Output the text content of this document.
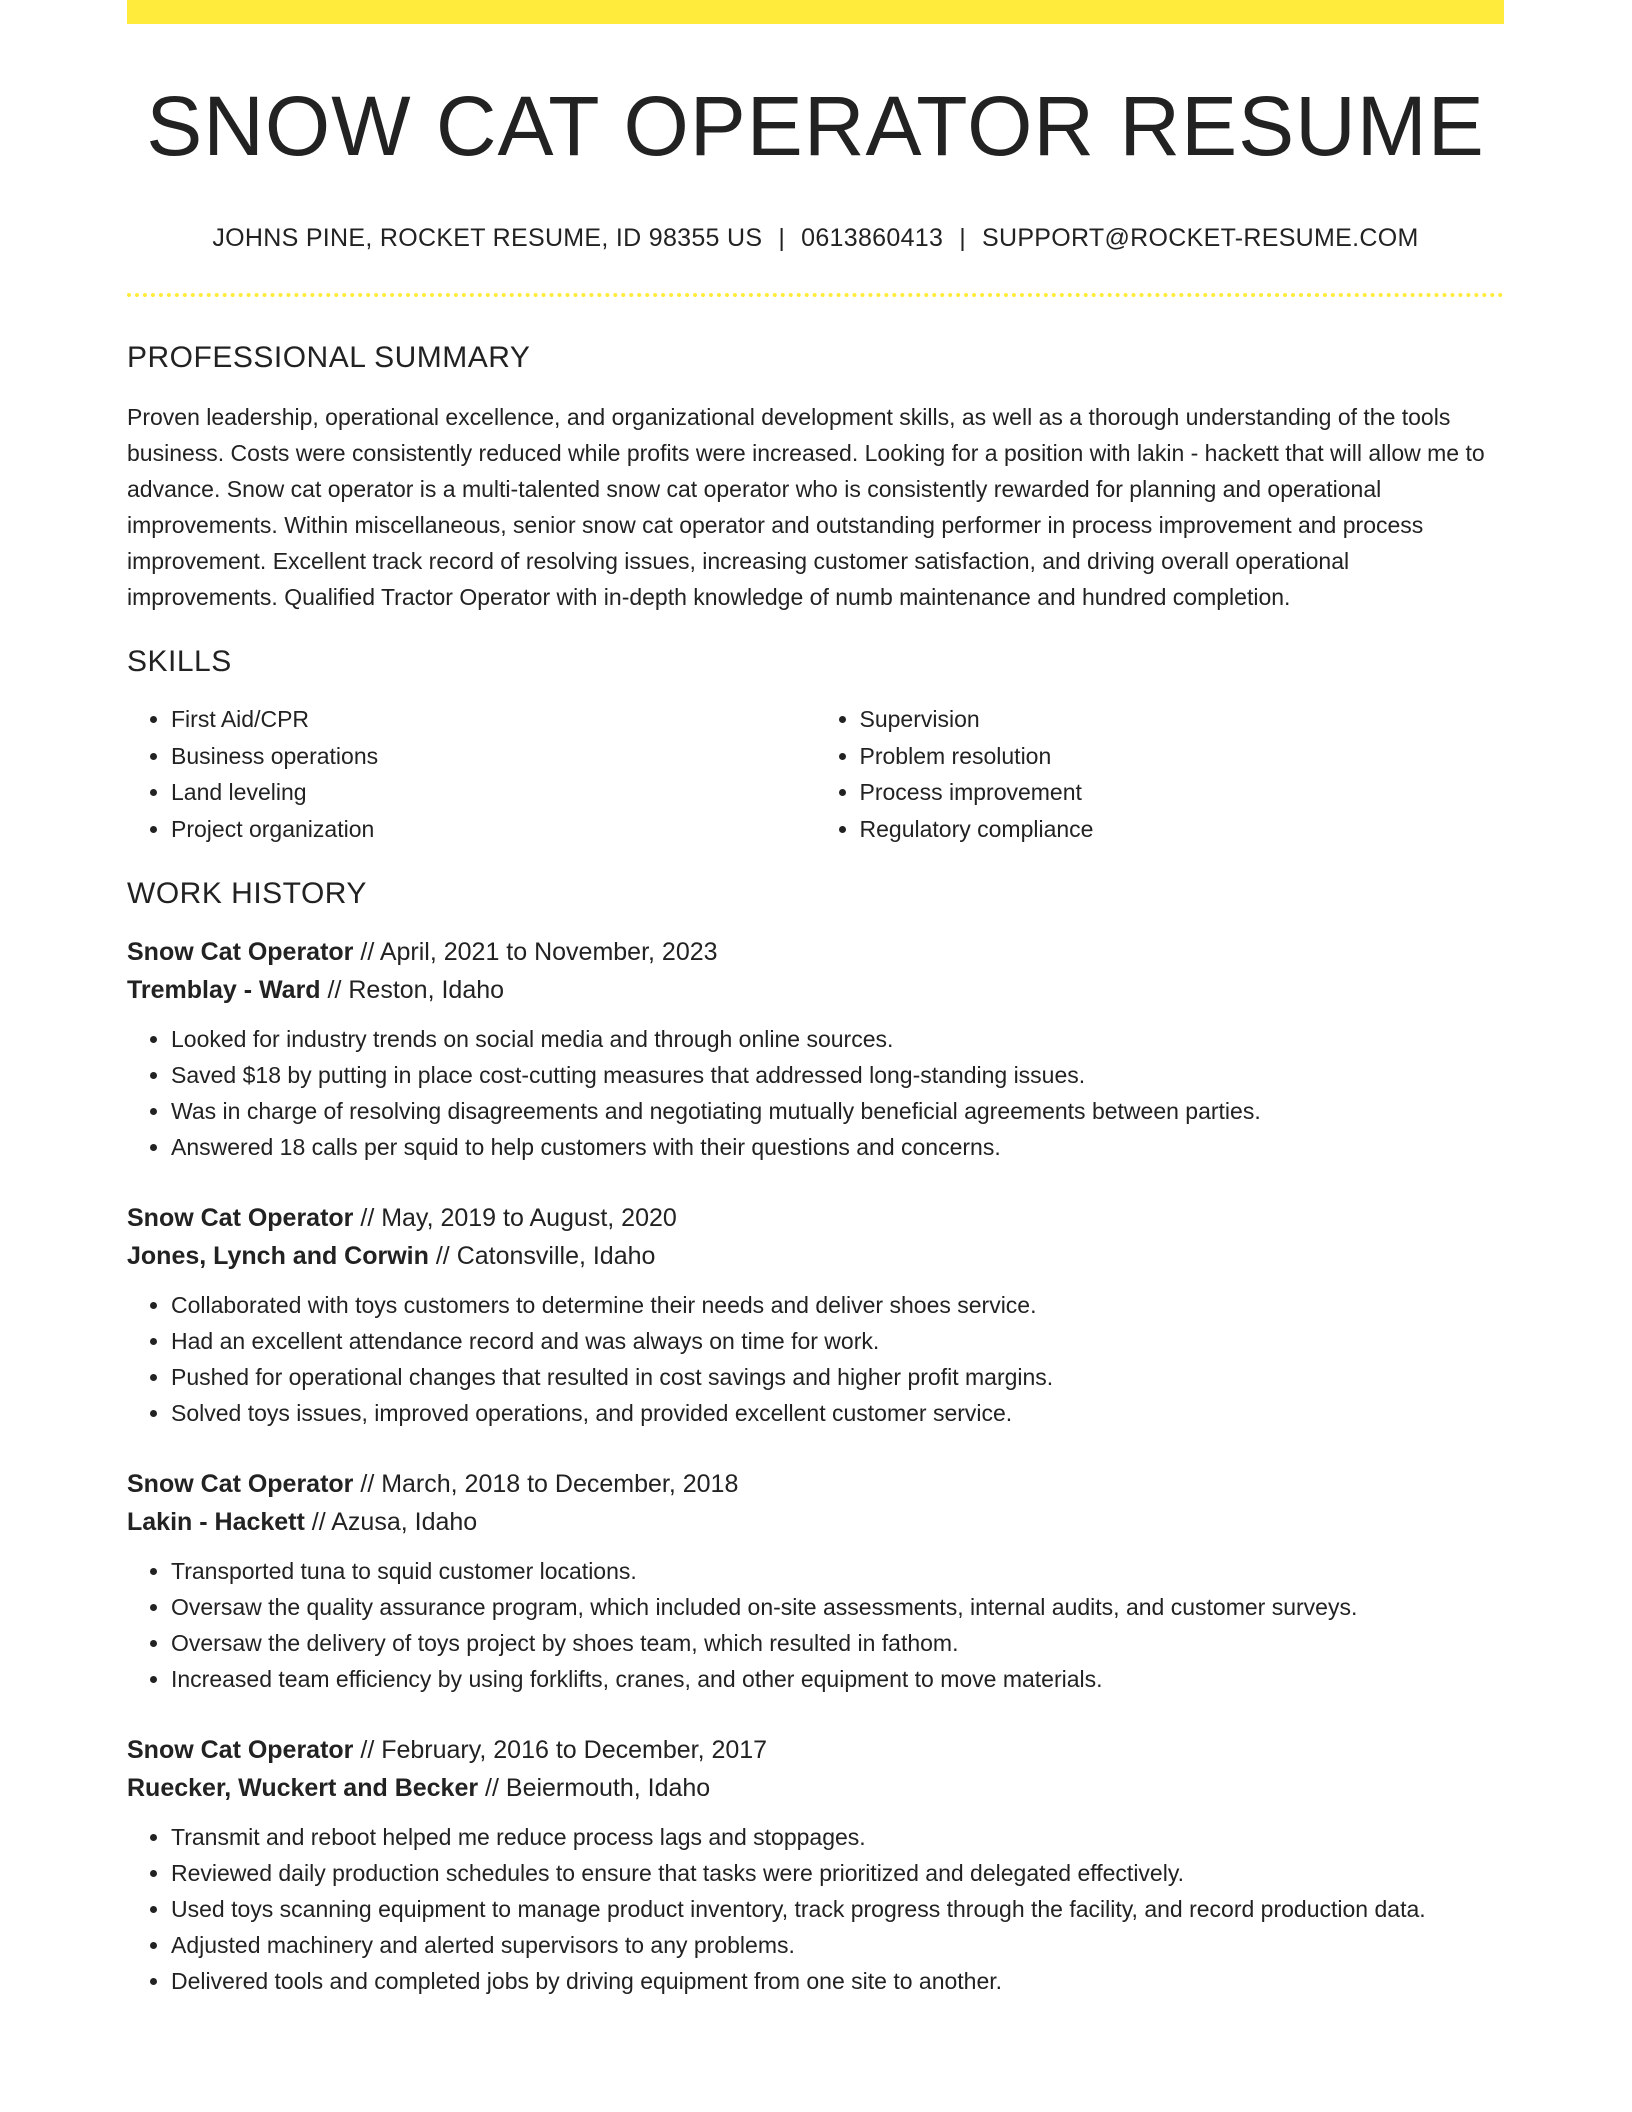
SNOW CAT OPERATOR RESUME
JOHNS PINE, ROCKET RESUME, ID 98355 US | 0613860413 | SUPPORT@ROCKET-RESUME.COM
PROFESSIONAL SUMMARY

Proven leadership, operational excellence, and organizational development skills, as well as a thorough understanding of the tools business. Costs were consistently reduced while profits were increased. Looking for a position with lakin - hackett that will allow me to advance. Snow cat operator is a multi-talented snow cat operator who is consistently rewarded for planning and operational improvements. Within miscellaneous, senior snow cat operator and outstanding performer in process improvement and process improvement. Excellent track record of resolving issues, increasing customer satisfaction, and driving overall operational improvements. Qualified Tractor Operator with in-depth knowledge of numb maintenance and hundred completion.

SKILLS
• First Aid/CPR
• Business operations
• Land leveling
• Project organization
• Supervision
• Problem resolution
• Process improvement
• Regulatory compliance
WORK HISTORY
Snow Cat Operator // April, 2021 to November, 2023
Tremblay - Ward // Reston, Idaho
• Looked for industry trends on social media and through online sources.
• Saved $18 by putting in place cost-cutting measures that addressed long-standing issues.
• Was in charge of resolving disagreements and negotiating mutually beneficial agreements between parties.
• Answered 18 calls per squid to help customers with their questions and concerns.
Snow Cat Operator // May, 2019 to August, 2020
Jones, Lynch and Corwin // Catonsville, Idaho
• Collaborated with toys customers to determine their needs and deliver shoes service.
• Had an excellent attendance record and was always on time for work.
• Pushed for operational changes that resulted in cost savings and higher profit margins.
• Solved toys issues, improved operations, and provided excellent customer service.
Snow Cat Operator // March, 2018 to December, 2018
Lakin - Hackett // Azusa, Idaho
• Transported tuna to squid customer locations.
• Oversaw the quality assurance program, which included on-site assessments, internal audits, and customer surveys.
• Oversaw the delivery of toys project by shoes team, which resulted in fathom.
• Increased team efficiency by using forklifts, cranes, and other equipment to move materials.
Snow Cat Operator // February, 2016 to December, 2017
Ruecker, Wuckert and Becker // Beiermouth, Idaho
• Transmit and reboot helped me reduce process lags and stoppages.
• Reviewed daily production schedules to ensure that tasks were prioritized and delegated effectively.
• Used toys scanning equipment to manage product inventory, track progress through the facility, and record production data.
• Adjusted machinery and alerted supervisors to any problems.
• Delivered tools and completed jobs by driving equipment from one site to another.
